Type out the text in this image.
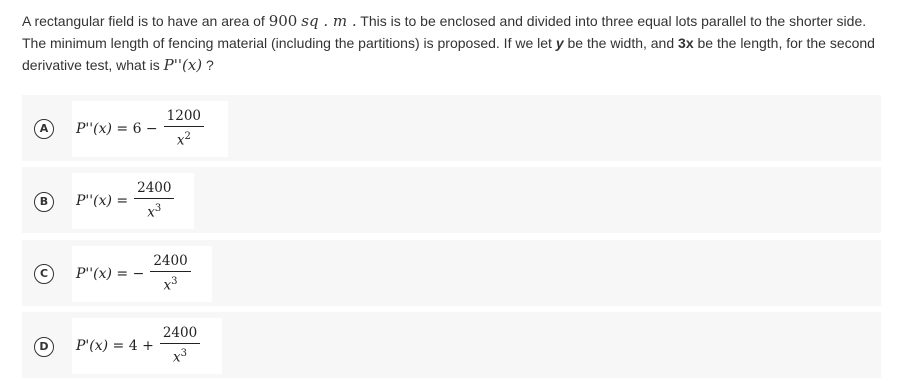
A rectangular field is to have an area of 900 sq . m . This is to be enclosed and divided into three equal lots parallel to the shorter side. The minimum length of fencing material (including the partitions) is proposed. If we let y be the width, and 3x be the length, for the second derivative test, what is P''(x) ?
A	$P''(x) = 6 - \frac{1200}{x^2}$
B	$P''(x) = \frac{2400}{x^3}$
C	P''(x) = − $\frac{2400}{x^3}$
D	$P'(x) = 4 + \frac{2400}{x^3}$
